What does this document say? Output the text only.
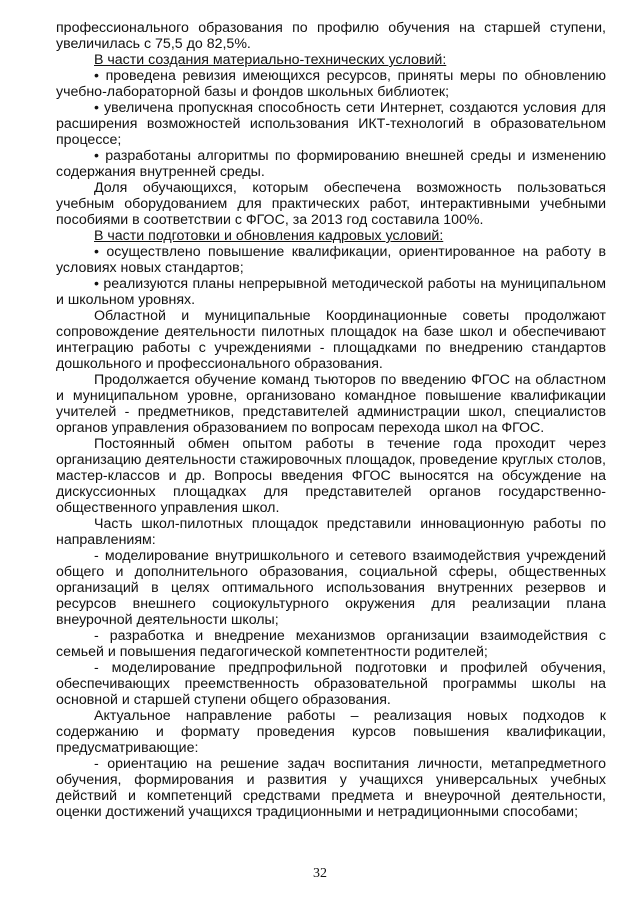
профессионального образования по профилю обучения на старшей ступени, увеличилась с 75,5 до 82,5%.

В части создания материально-технических условий:

• проведена ревизия имеющихся ресурсов, приняты меры по обновлению учебно-лабораторной базы и фондов школьных библиотек;

• увеличена пропускная способность сети Интернет, создаются условия для расширения возможностей использования ИКТ-технологий в образовательном процессе;

• разработаны алгоритмы по формированию внешней среды и изменению содержания внутренней среды.

Доля обучающихся, которым обеспечена возможность пользоваться учебным оборудованием для практических работ, интерактивными учебными пособиями в соответствии с ФГОС, за 2013 год составила 100%.

В части подготовки и обновления кадровых условий:

• осуществлено повышение квалификации, ориентированное на работу в условиях новых стандартов;

• реализуются планы непрерывной методической работы на муниципальном и школьном уровнях.

Областной и муниципальные Координационные советы продолжают сопровождение деятельности пилотных площадок на базе школ и обеспечивают интеграцию работы с учреждениями - площадками по внедрению стандартов дошкольного и профессионального образования.

Продолжается обучение команд тьюторов по введению ФГОС на областном и муниципальном уровне, организовано командное повышение квалификации учителей - предметников, представителей администрации школ, специалистов органов управления образованием по вопросам перехода школ на ФГОС.

Постоянный обмен опытом работы в течение года проходит через организацию деятельности стажировочных площадок, проведение круглых столов, мастер-классов и др. Вопросы введения ФГОС выносятся на обсуждение на дискуссионных площадках для представителей органов государственно-общественного управления школ.

Часть школ-пилотных площадок представили инновационную работы по направлениям:

- моделирование внутришкольного и сетевого взаимодействия учреждений общего и дополнительного образования, социальной сферы, общественных организаций в целях оптимального использования внутренних резервов и ресурсов внешнего социокультурного окружения для реализации плана внеурочной деятельности школы;

- разработка и внедрение механизмов организации взаимодействия с семьей и повышения педагогической компетентности родителей;

- моделирование предпрофильной подготовки и профилей обучения, обеспечивающих преемственность образовательной программы школы на основной и старшей ступени общего образования.

Актуальное направление работы – реализация новых подходов к содержанию и формату проведения курсов повышения квалификации, предусматривающие:

- ориентацию на решение задач воспитания личности, метапредметного обучения, формирования и развития у учащихся универсальных учебных действий и компетенций средствами предмета и внеурочной деятельности, оценки достижений учащихся традиционными и нетрадиционными способами;

32
